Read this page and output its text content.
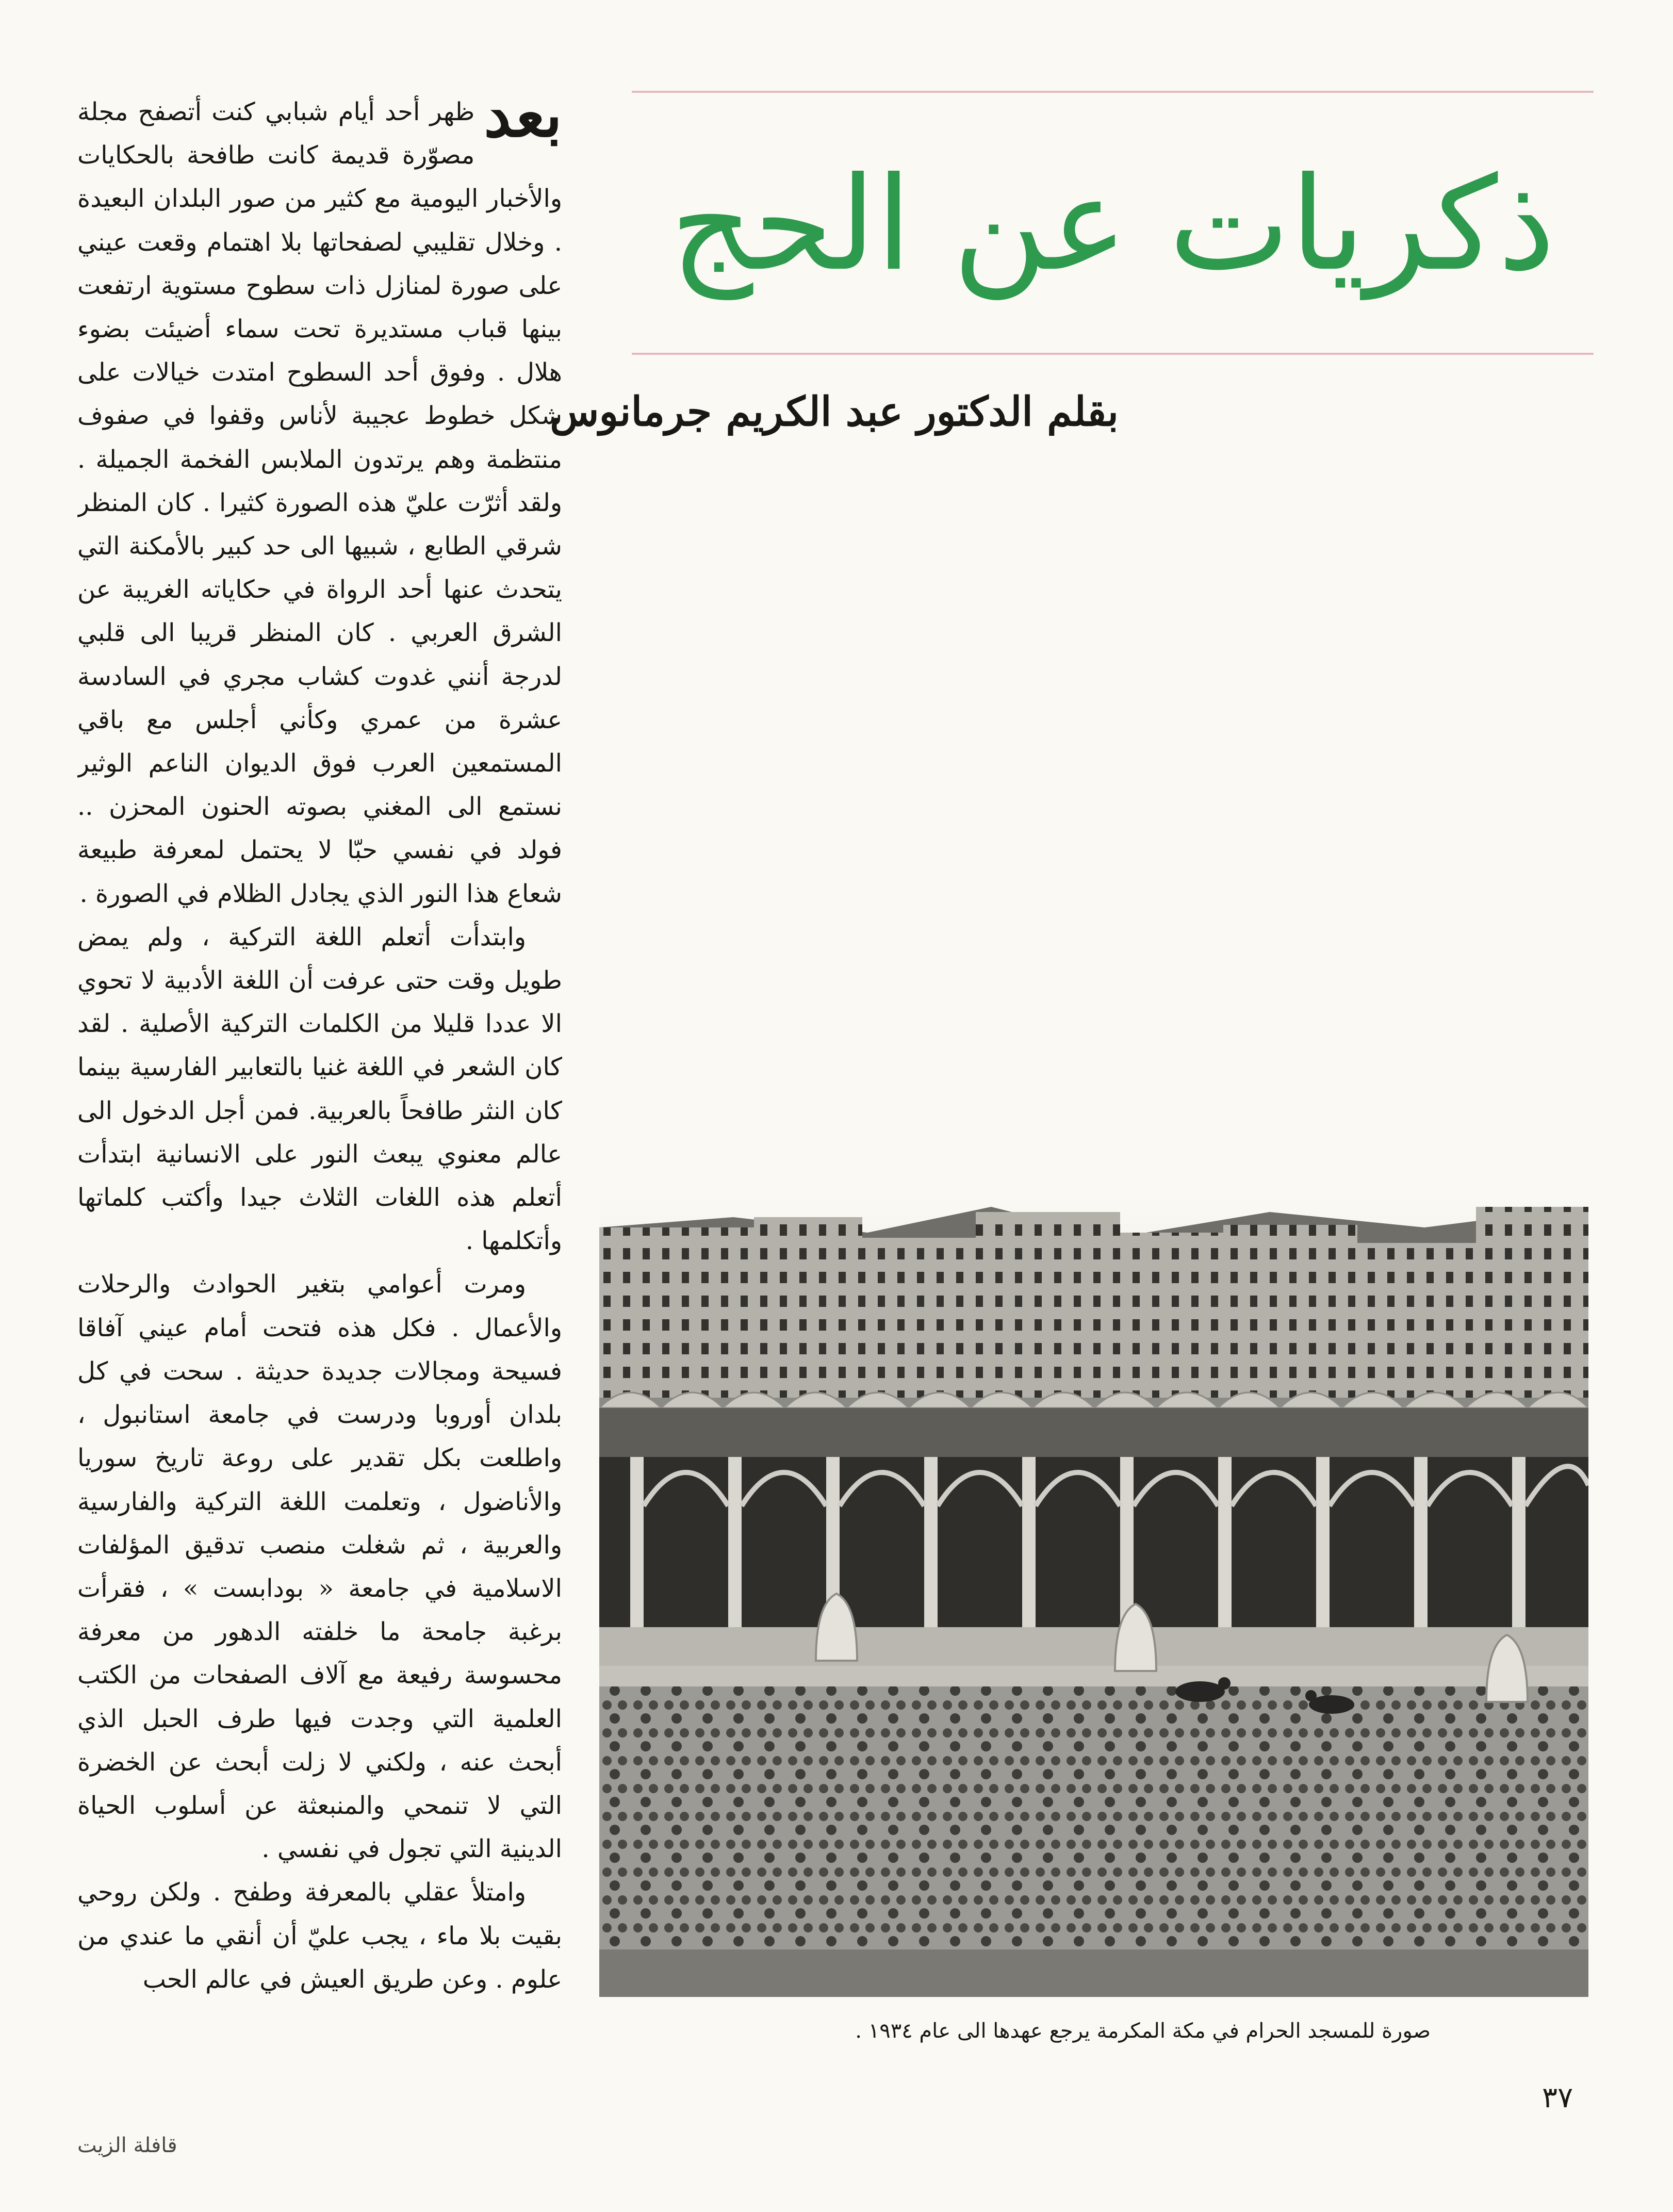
ذكريات عن الحج
بقلم الدكتور عبد الكريم جرمانوس

بعد
ظهر أحد أيام شبابي كنت أتصفح مجلة مصوّرة قديمة كانت طافحة بالحكايات والأخبار اليومية مع كثير من صور البلدان البعيدة . وخلال تقليبي لصفحاتها بلا اهتمام وقعت عيني على صورة لمنازل ذات سطوح مستوية ارتفعت بينها قباب مستديرة تحت سماء أضيئت بضوء هلال . وفوق أحد السطوح امتدت خيالات على شكل خطوط عجيبة لأناس وقفوا في صفوف منتظمة وهم يرتدون الملابس الفخمة الجميلة . ولقد أثرّت عليّ هذه الصورة كثيرا . كان المنظر شرقي الطابع ، شبيها الى حد كبير بالأمكنة التي يتحدث عنها أحد الرواة في حكاياته الغريبة عن الشرق العربي . كان المنظر قريبا الى قلبي لدرجة أنني غدوت كشاب مجري في السادسة عشرة من عمري وكأني أجلس مع باقي المستمعين العرب فوق الديوان الناعم الوثير نستمع الى المغني بصوته الحنون المحزن .. فولد في نفسي حبّا لا يحتمل لمعرفة طبيعة شعاع هذا النور الذي يجادل الظلام في الصورة .

وابتدأت أتعلم اللغة التركية ، ولم يمض طويل وقت حتى عرفت أن اللغة الأدبية لا تحوي الا عددا قليلا من الكلمات التركية الأصلية . لقد كان الشعر في اللغة غنيا بالتعابير الفارسية بينما كان النثر طافحاً بالعربية. فمن أجل الدخول الى عالم معنوي يبعث النور على الانسانية ابتدأت أتعلم هذه اللغات الثلاث جيدا وأكتب كلماتها وأتكلمها .

ومرت أعوامي بتغير الحوادث والرحلات والأعمال . فكل هذه فتحت أمام عيني آفاقا فسيحة ومجالات جديدة حديثة . سحت في كل بلدان أوروبا ودرست في جامعة استانبول ، واطلعت بكل تقدير على روعة تاريخ سوريا والأناضول ، وتعلمت اللغة التركية والفارسية والعربية ، ثم شغلت منصب تدقيق المؤلفات الاسلامية في جامعة « بودابست » ، فقرأت برغبة جامحة ما خلفته الدهور من معرفة محسوسة رفيعة مع آلاف الصفحات من الكتب العلمية التي وجدت فيها طرف الحبل الذي أبحث عنه ، ولكني لا زلت أبحث عن الخضرة التي لا تنمحي والمنبعثة عن أسلوب الحياة الدينية التي تجول في نفسي .

وامتلأ عقلي بالمعرفة وطفح . ولكن روحي بقيت بلا ماء ، يجب عليّ أن أنقي ما عندي من علوم . وعن طريق العيش في عالم الحب

صورة للمسجد الحرام في مكة المكرمة يرجع عهدها الى عام ١٩٣٤ .
٣٧
قافلة الزيت
